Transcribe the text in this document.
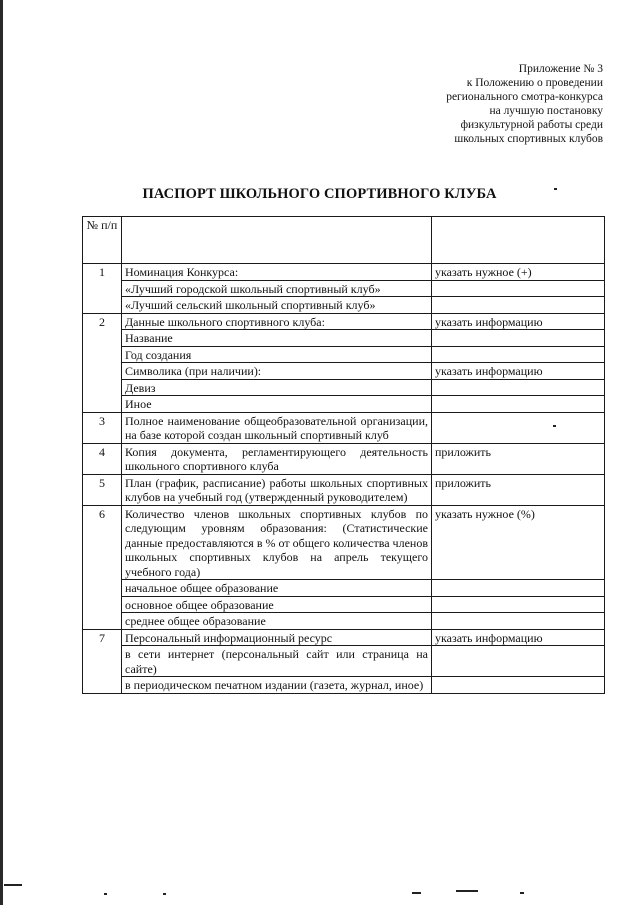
Приложение № 3
к Положению о проведении
регионального смотра-конкурса
на лучшую постановку
физкультурной работы среди
школьных спортивных клубов
ПАСПОРТ ШКОЛЬНОГО СПОРТИВНОГО КЛУБА
№ п/п		
1	Номинация Конкурса:	указать нужное (+)
	«Лучший городской школьный спортивный клуб»	
	«Лучший сельский школьный спортивный клуб»	
2	Данные школьного спортивного клуба:	указать информацию
	Название	
	Год создания	
	Символика (при наличии):	указать информацию
	Девиз	
	Иное	
3	Полное наименование общеобразовательной организации, на базе которой создан школьный спортивный клуб	
4	Копия документа, регламентирующего деятельность школьного спортивного клуба	приложить
5	План (график, расписание) работы школьных спортивных клубов на учебный год (утвержденный руководителем)	приложить
6	Количество членов школьных спортивных клубов по следующим уровням образования: (Статистические данные предоставляются в % от общего количества членов школьных спортивных клубов на апрель текущего учебного года)	указать нужное (%)
	начальное общее образование	
	основное общее образование	
	среднее общее образование	
7	Персональный информационный ресурс	указать информацию
	в сети интернет (персональный сайт или страница на сайте)	
	в периодическом печатном издании (газета, журнал, иное)	
